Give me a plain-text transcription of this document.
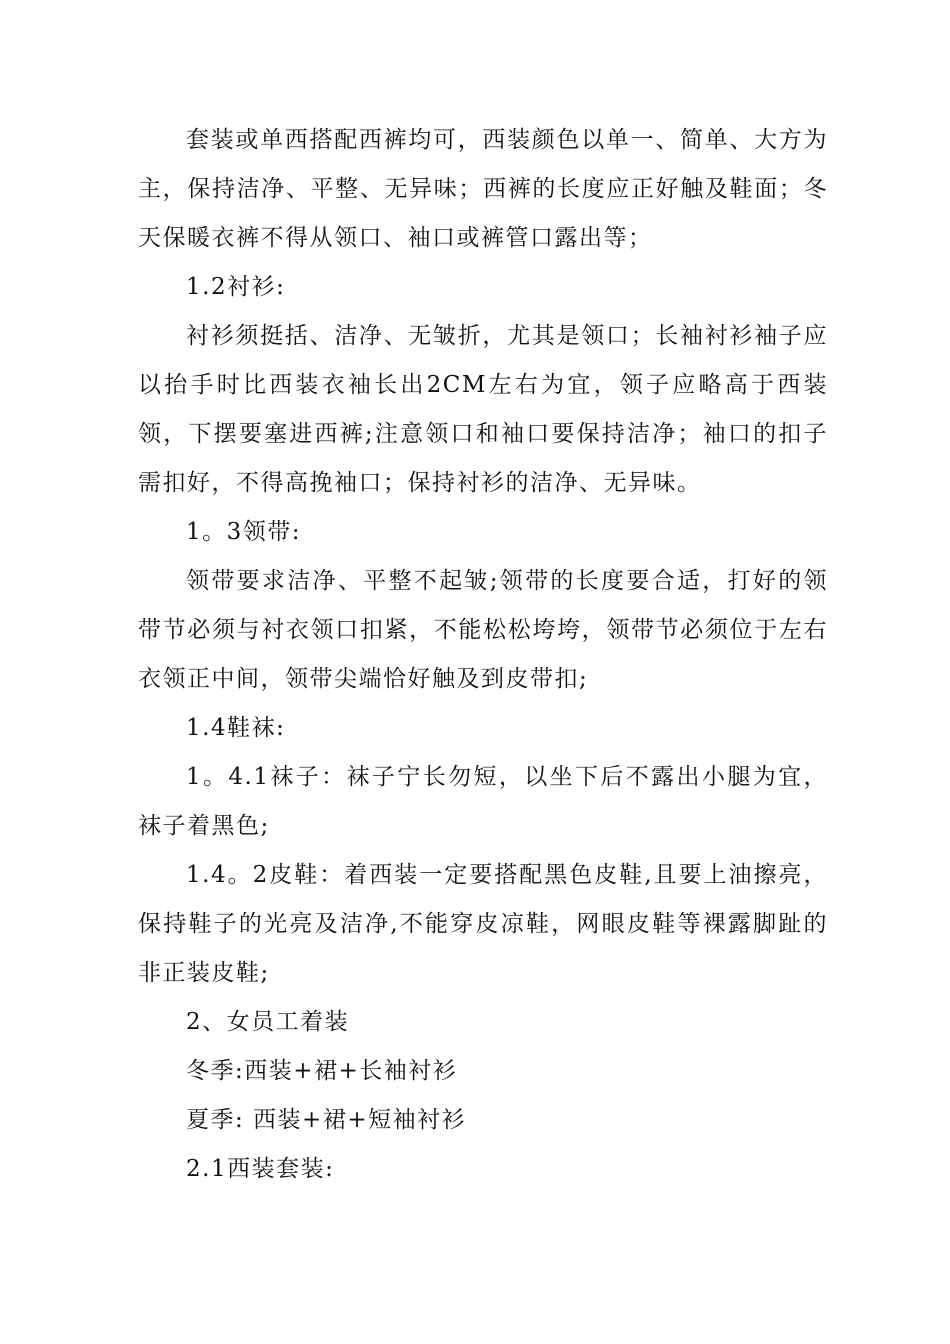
套装或单西搭配西裤均可，西装颜色以单一、简单、大方为主，保持洁净、平整、无异味；西裤的长度应正好触及鞋面；冬天保暖衣裤不得从领口、袖口或裤管口露出等；

1.2衬衫:

衬衫须挺括、洁净、无皱折，尤其是领口；长袖衬衫袖子应以抬手时比西装衣袖长出2CM左右为宜，领子应略高于西装领，下摆要塞进西裤;注意领口和袖口要保持洁净；袖口的扣子需扣好，不得高挽袖口；保持衬衫的洁净、无异味。

1。3领带:

领带要求洁净、平整不起皱;领带的长度要合适，打好的领带节必须与衬衣领口扣紧，不能松松垮垮，领带节必须位于左右衣领正中间，领带尖端恰好触及到皮带扣;

1.4鞋袜:

1。4.1袜子：袜子宁长勿短，以坐下后不露出小腿为宜，袜子着黑色;

1.4。2皮鞋：着西装一定要搭配黑色皮鞋,且要上油擦亮，保持鞋子的光亮及洁净,不能穿皮凉鞋，网眼皮鞋等裸露脚趾的非正装皮鞋;

2、女员工着装

冬季:西装+裙+长袖衬衫

夏季: 西装+裙+短袖衬衫

2.1西装套装:
